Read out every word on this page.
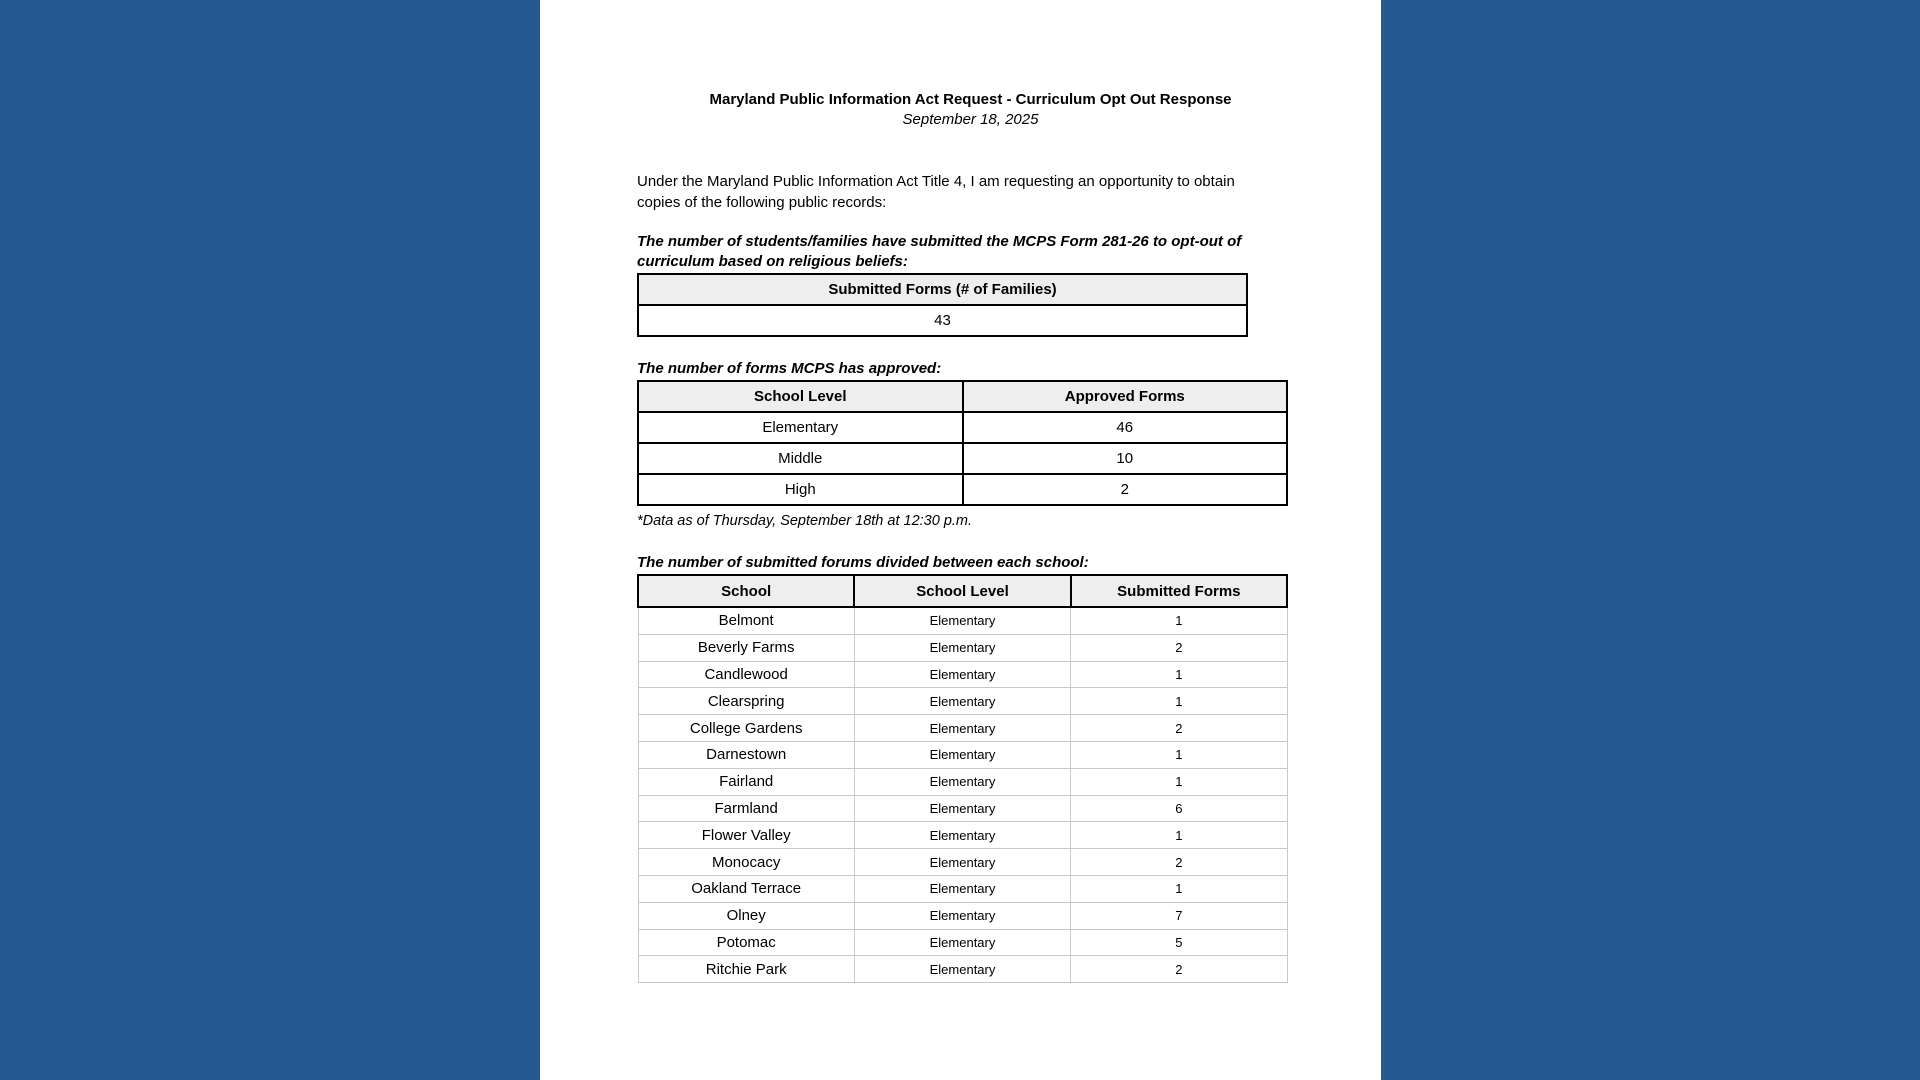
Maryland Public Information Act Request - Curriculum Opt Out Response
September 18, 2025
Under the Maryland Public Information Act Title 4, I am requesting an opportunity to obtain copies of the following public records:
The number of students/families have submitted the MCPS Form 281-26 to opt-out of curriculum based on religious beliefs:
Submitted Forms (# of Families)
43
The number of forms MCPS has approved:
School Level	Approved Forms
Elementary	46
Middle	10
High	2
*Data as of Thursday, September 18th at 12:30 p.m.
The number of submitted forums divided between each school:
School	School Level	Submitted Forms
Belmont	Elementary	1
Beverly Farms	Elementary	2
Candlewood	Elementary	1
Clearspring	Elementary	1
College Gardens	Elementary	2
Darnestown	Elementary	1
Fairland	Elementary	1
Farmland	Elementary	6
Flower Valley	Elementary	1
Monocacy	Elementary	2
Oakland Terrace	Elementary	1
Olney	Elementary	7
Potomac	Elementary	5
Ritchie Park	Elementary	2
